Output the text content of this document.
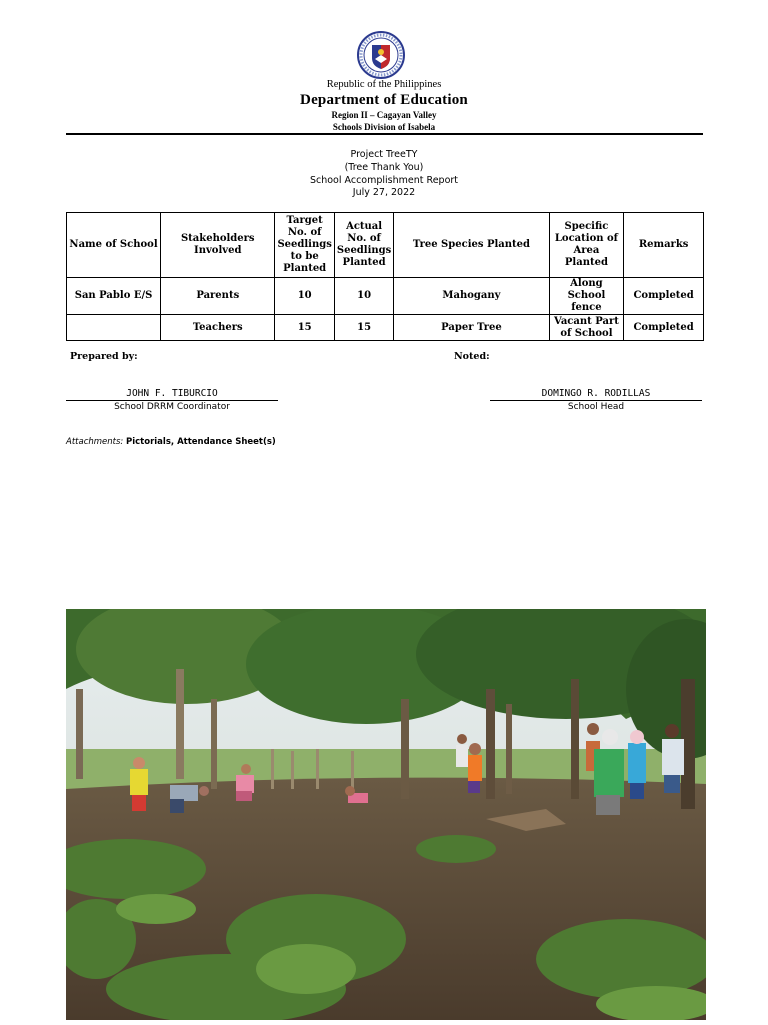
Republic of the Philippines
Department of Education
Region II – Cagayan Valley
Schools Division of Isabela
Project TreeTY
(Tree Thank You)
School Accomplishment Report
July 27, 2022
Name of School	Stakeholders Involved	Target No. of Seedlings to be Planted	Actual No. of Seedlings Planted	Tree Species Planted	Specific Location of Area Planted	Remarks
San Pablo E/S	Parents	10	10	Mahogany	Along School fence	Completed
	Teachers	15	15	Paper Tree	Vacant Part of School	Completed
Prepared by:	Noted:
JOHN F. TIBURCIO
School DRRM Coordinator
DOMINGO R. RODILLAS
School Head
Attachments: Pictorials, Attendance Sheet(s)
